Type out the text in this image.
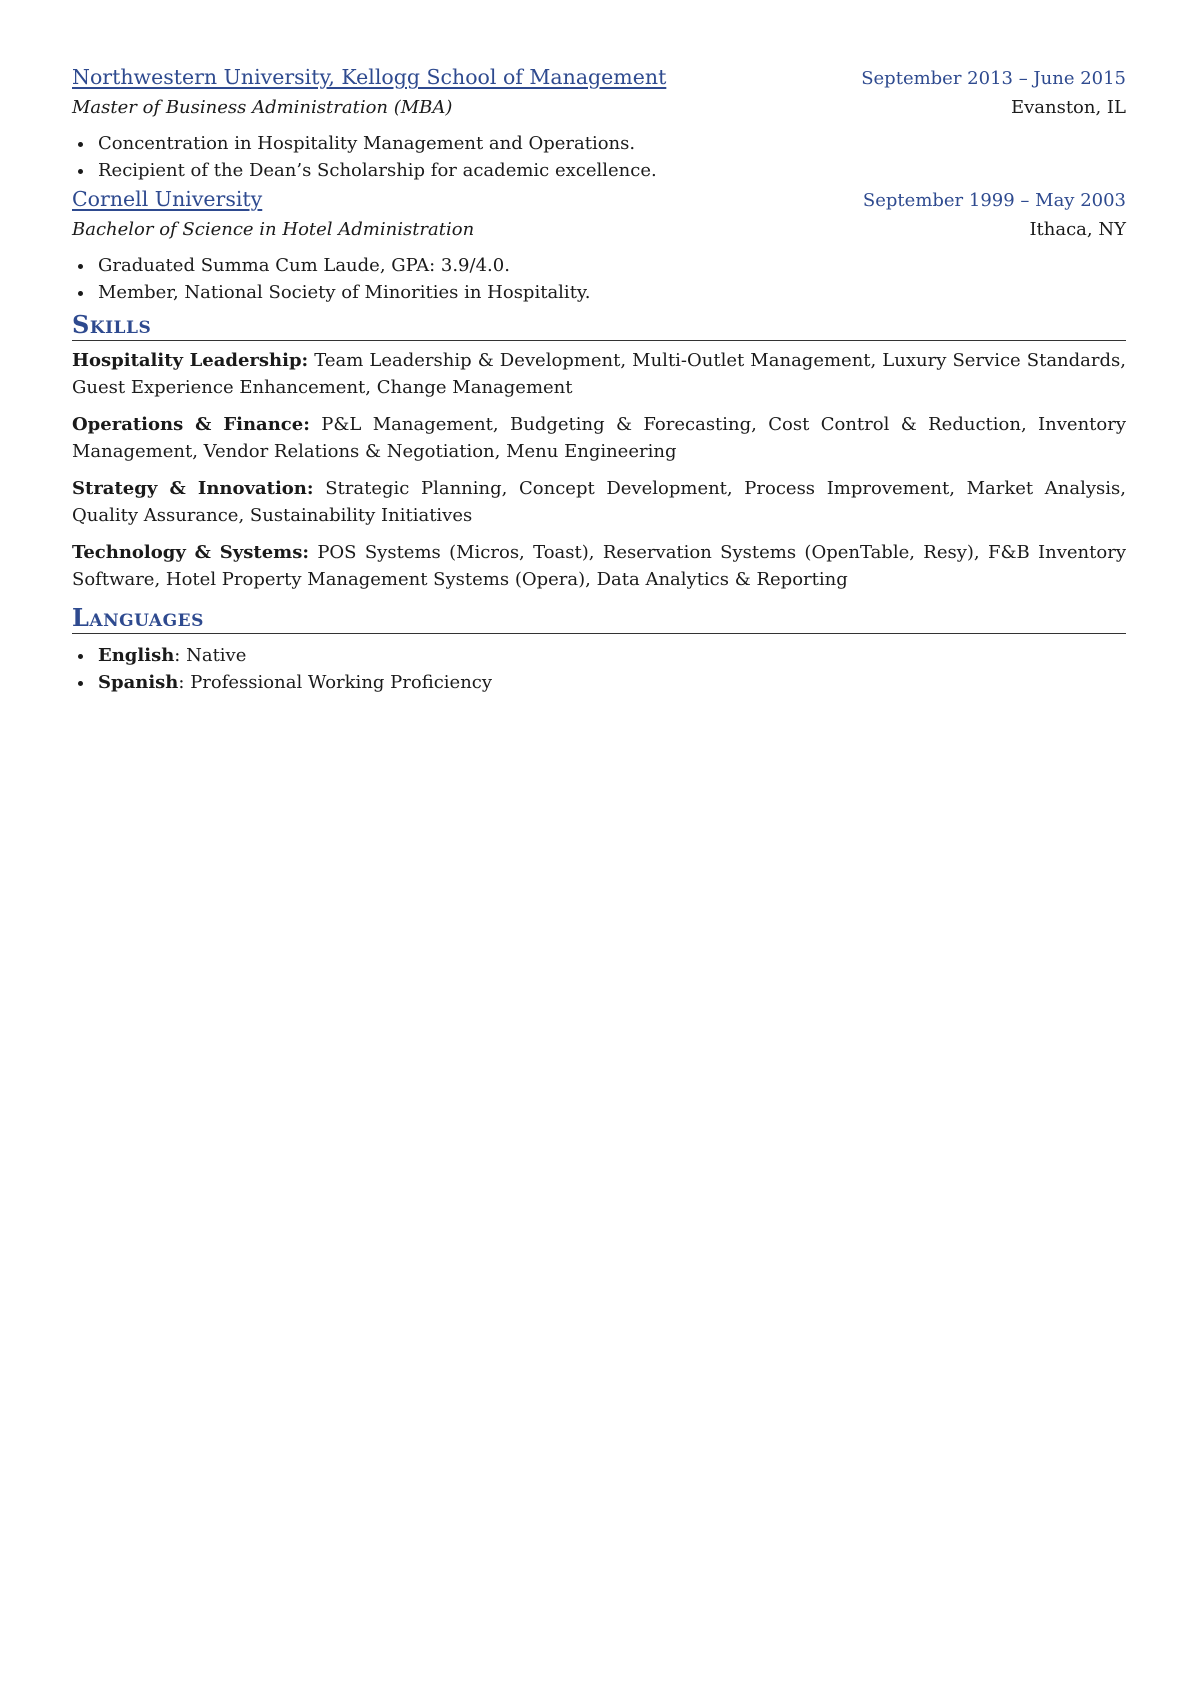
Northwestern University, Kellogg School of Management	September 2013 – June 2015
Master of Business Administration (MBA)	Evanston, IL
Concentration in Hospitality Management and Operations.
Recipient of the Dean’s Scholarship for academic excellence.
Cornell University	September 1999 – May 2003
Bachelor of Science in Hotel Administration	Ithaca, NY
Graduated Summa Cum Laude, GPA: 3.9/4.0.
Member, National Society of Minorities in Hospitality.
Skills

Hospitality Leadership: Team Leadership & Development, Multi-Outlet Management, Luxury Service Standards, Guest Experience Enhancement, Change Management

Operations & Finance: P&L Management, Budgeting & Forecasting, Cost Control & Reduction, Inventory Management, Vendor Relations & Negotiation, Menu Engineering

Strategy & Innovation: Strategic Planning, Concept Development, Process Improvement, Market Analysis, Quality Assurance, Sustainability Initiatives

Technology & Systems: POS Systems (Micros, Toast), Reservation Systems (OpenTable, Resy), F&B Inventory Software, Hotel Property Management Systems (Opera), Data Analytics & Reporting

Languages
English: Native
Spanish: Professional Working Proficiency
